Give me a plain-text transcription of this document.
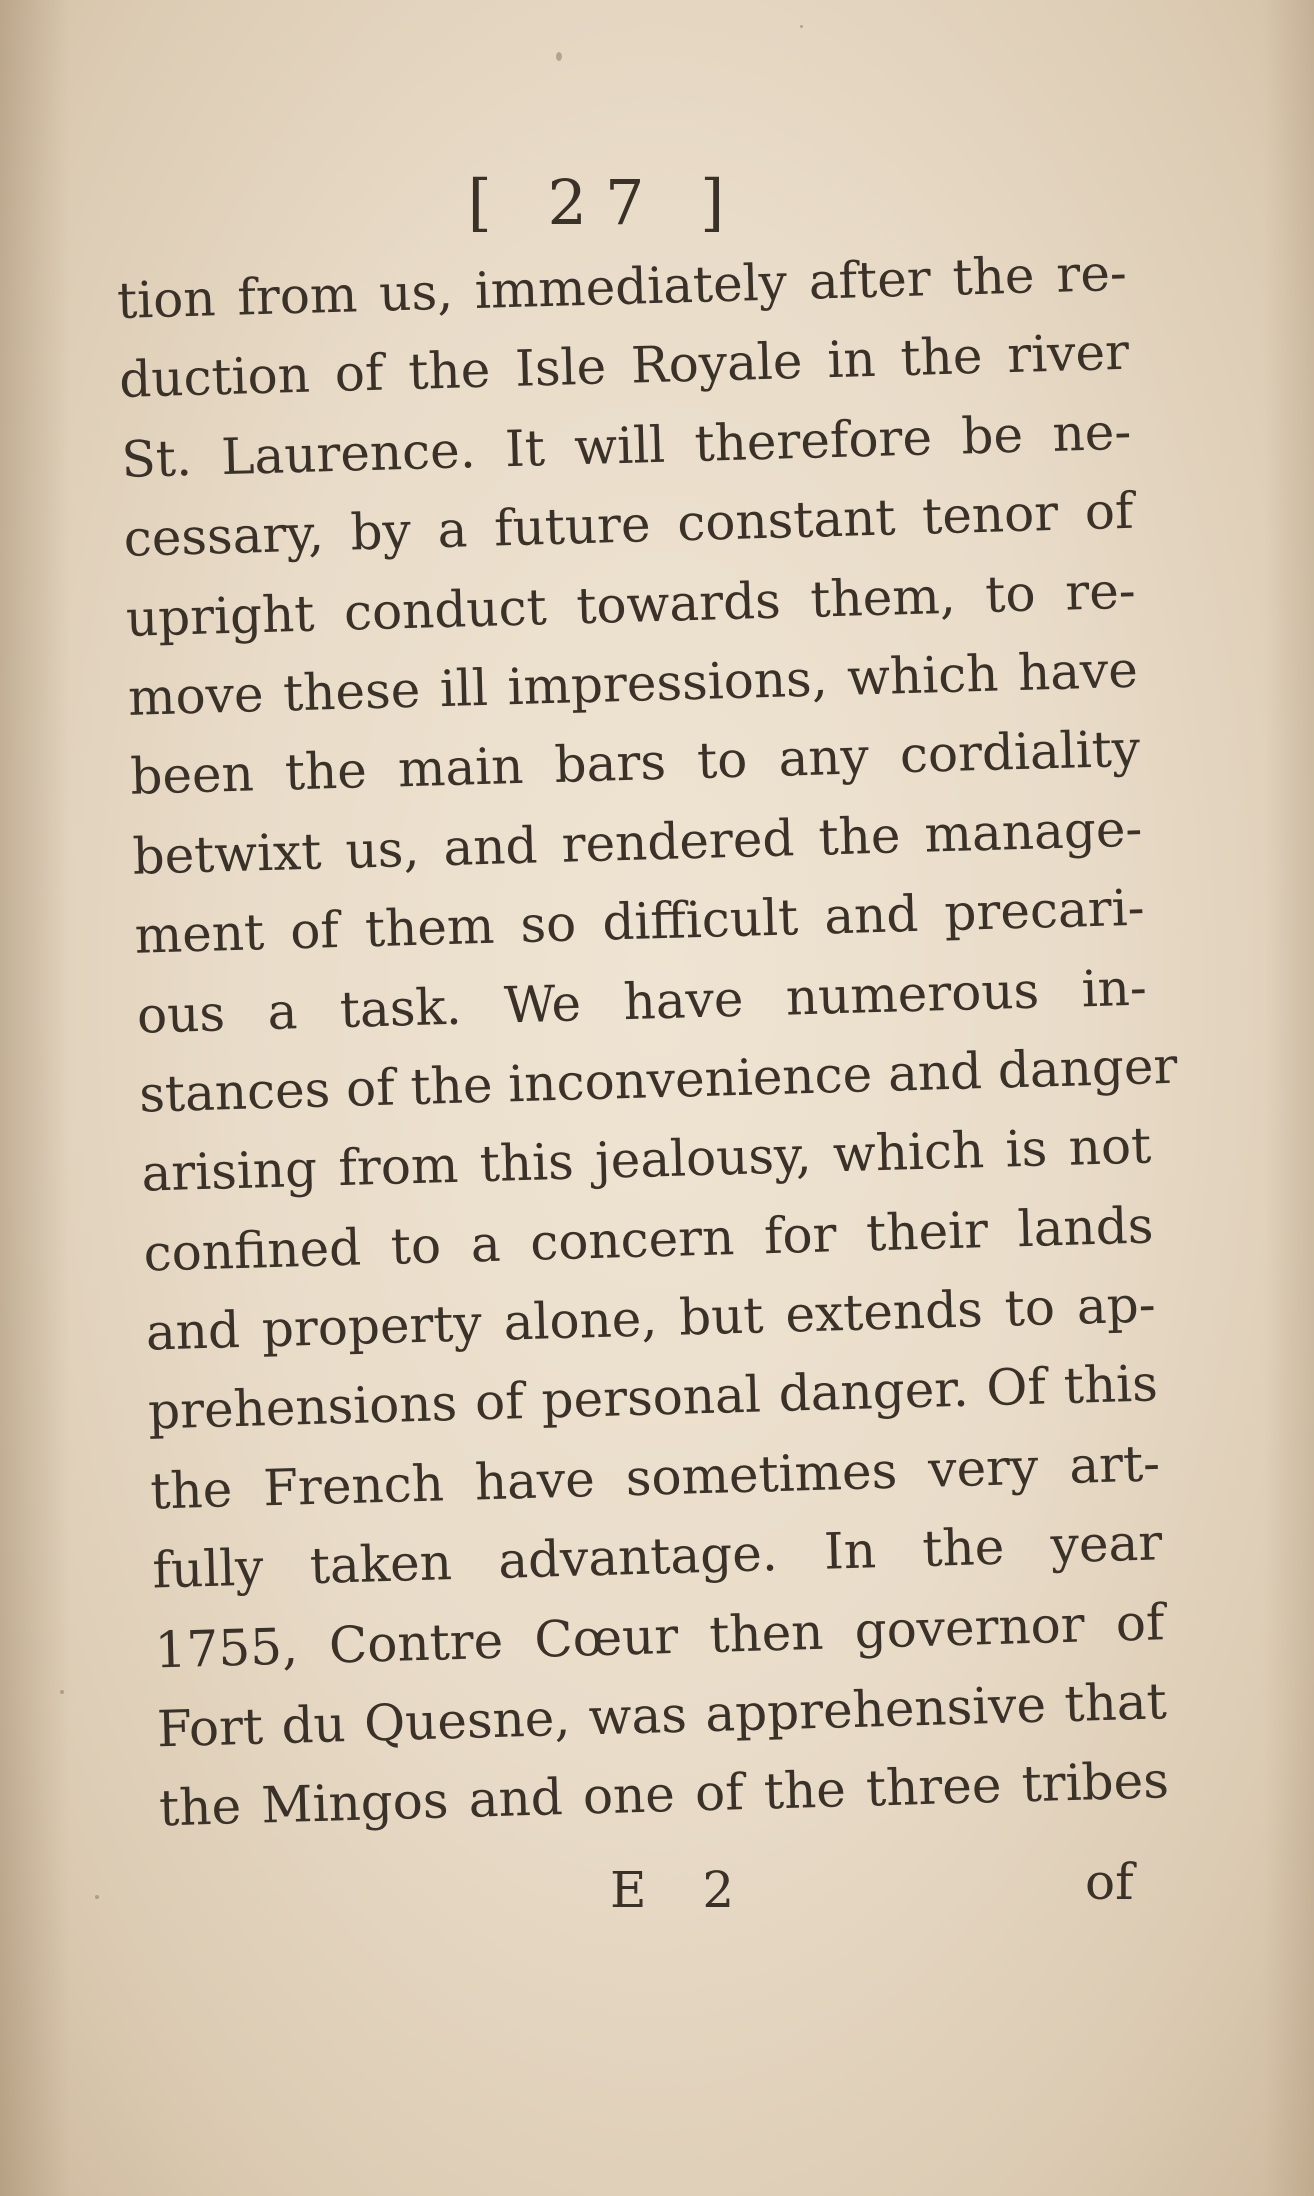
[ 27 ]
tion from us, immediately after the re-
duction of the Isle Royale in the river
St. Laurence. It will therefore be ne-
cessary, by a future constant tenor of
upright conduct towards them, to re-
move these ill impressions, which have
been the main bars to any cordiality
betwixt us, and rendered the manage-
ment of them so difficult and precari-
ous a task. We have numerous in-
stances of the inconvenience and danger
arising from this jealousy, which is not
confined to a concern for their lands
and property alone, but extends to ap-
prehensions of personal danger. Of this
the French have sometimes very art-
fully taken advantage. In the year
1755, Contre Cœur then governor of
Fort du Quesne, was apprehensive that
the Mingos and one of the three tribes
E 2	of
